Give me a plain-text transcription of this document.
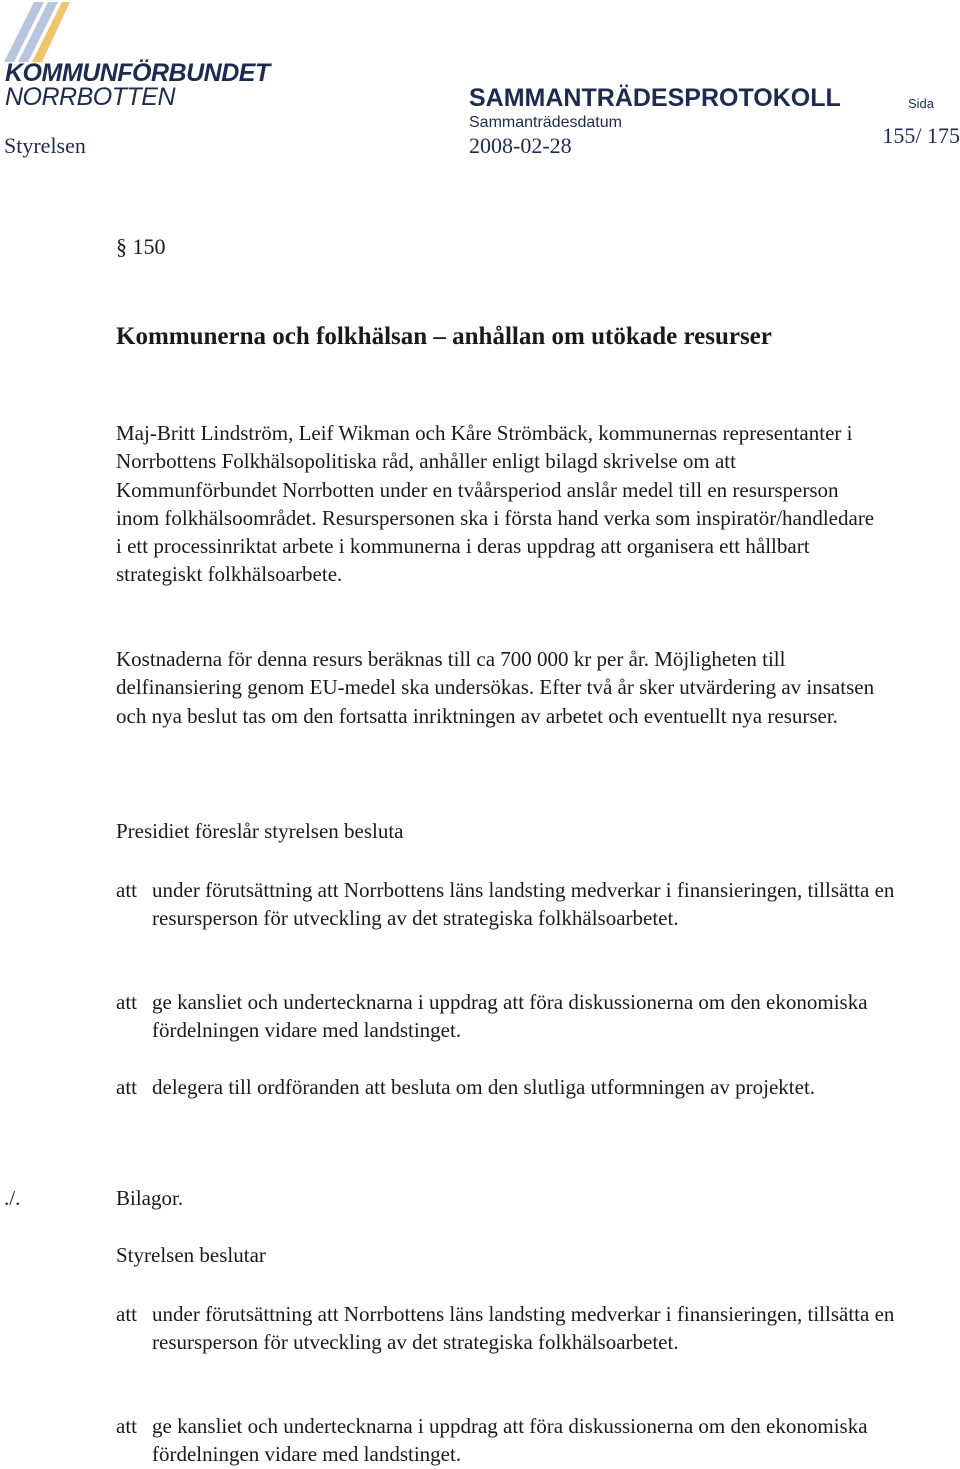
KOMMUNFÖRBUNDET
NORRBOTTEN	SAMMANTRÄDESPROTOKOLL
Sammanträdesdatum
2008-02-28
Sida
155/ 175
Styrelsen
§ 150
Kommunerna och folkhälsan – anhållan om utökade resurser

Maj-Britt Lindström, Leif Wikman och Kåre Strömbäck, kommunernas representanter i Norrbottens Folkhälsopolitiska råd, anhåller enligt bilagd skrivelse om att Kommunförbundet Norrbotten under en tvåårsperiod anslår medel till en resursperson inom folkhälsoområdet. Resurspersonen ska i första hand verka som inspiratör/handledare i ett processinriktat arbete i kommunerna i deras uppdrag att organisera ett hållbart strategiskt folkhälsoarbete.

Kostnaderna för denna resurs beräknas till ca 700 000 kr per år. Möjligheten till delfinansiering genom EU-medel ska undersökas. Efter två år sker utvärdering av insatsen och nya beslut tas om den fortsatta inriktningen av arbetet och eventuellt nya resurser.

Presidiet föreslår styrelsen besluta
att under förutsättning att Norrbottens läns landsting medverkar i finansieringen, tillsätta en resursperson för utveckling av det strategiska folkhälsoarbetet.
att ge kansliet och undertecknarna i uppdrag att föra diskussionerna om den ekonomiska fördelningen vidare med landstinget.
att delegera till ordföranden att besluta om den slutliga utformningen av projektet.
./.	Bilagor.
Styrelsen beslutar
att under förutsättning att Norrbottens läns landsting medverkar i finansieringen, tillsätta en resursperson för utveckling av det strategiska folkhälsoarbetet.
att ge kansliet och undertecknarna i uppdrag att föra diskussionerna om den ekonomiska fördelningen vidare med landstinget.
